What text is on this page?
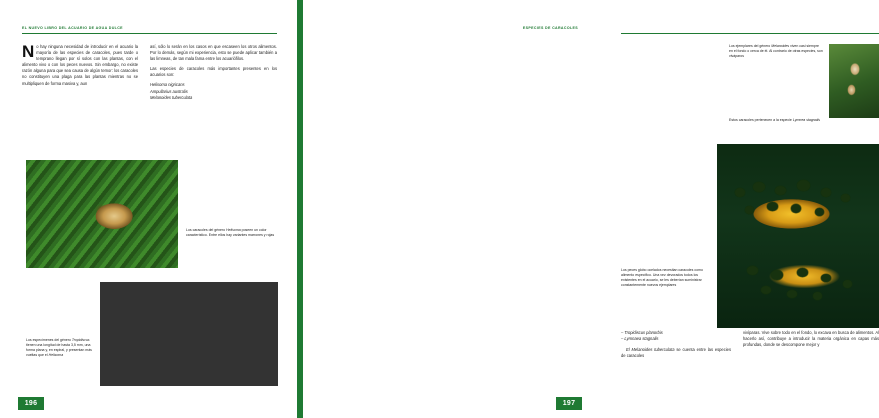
EL NUEVO LIBRO DEL ACUARIO DE AGUA DULCE

No hay ninguna necesidad de introducir en el acuario la mayoría de las especies de caracoles, pues tarde o temprano llegan por sí solos con las plantas, con el alimento vivo o con los peces nuevos. Sin embargo, no existe razón alguna para que sea causa de algún temor: los caracoles no constituyen una plaga para las plantas mientras no se multipliquen de forma masiva y, aun

así, sólo lo serán en los casos en que escaseen los otros alimentos. Por lo demás, según mi experiencia, esto se puede aplicar también a las limneas, de tan mala fama entre los acuariófilos.

Las especies de caracoles más importantes presentes en los acuarios son:

Helisoma nigricans

Ampullarius australis

Melanoides tuberculata

Los caracoles del género Helisoma poseen un color característico. Entre ellos hay variantes marrones y rojas
Los especímenes del género Tropidiscus tienen una longitud de hasta 3,5 mm, una forma plana y, en espiral, y presentan más vueltas que el Helisoma
196
ESPECIES DE CARACOLES
Los ejemplares del género Melanoides viven casi siempre en el fondo o cerca de él. Al contrario de otras especies, son viváparos
Estos caracoles pertenecen a la especie Lymnea stagnalis
Los peces globo ocelados necesitan caracoles como alimento específico. Una vez devorados todos los existentes en el acuario, se les deberían suministrar constantemente nuevos ejemplares

– Tropidiscus planorbis

– Lymnaea stagnalis

El Melanoides tuberculata se cuenta entre las especies de caracoles

vivíparas. Vive sobre todo en el fondo, lo excava en busca de alimentos. Al hacerlo así, contribuye a introducir la materia orgánica en capas más profundas, donde se descompone mejor y

197
